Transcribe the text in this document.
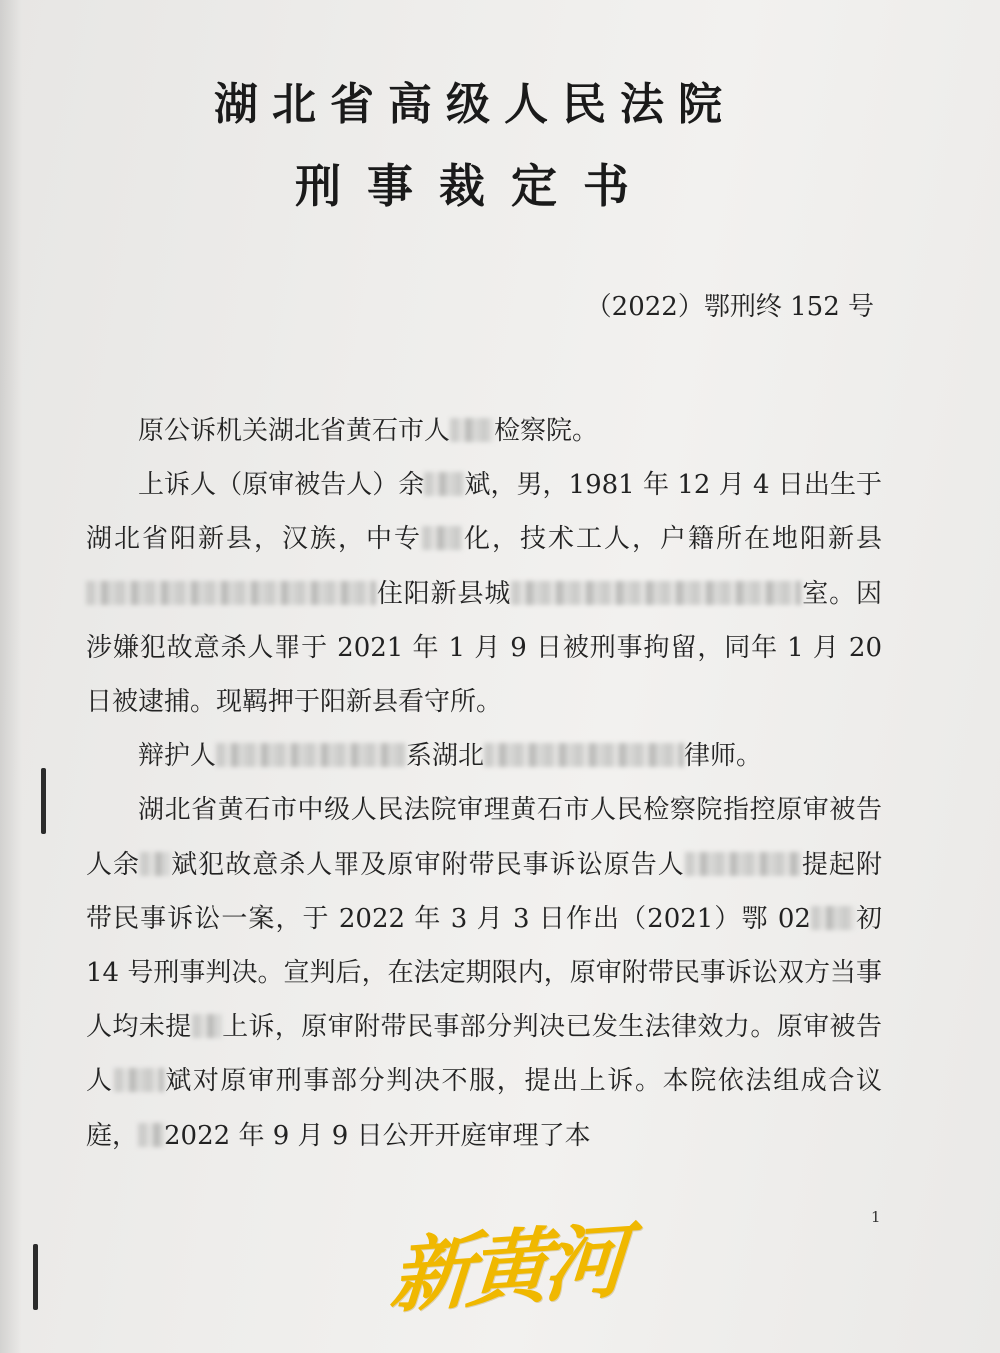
湖北省高级人民法院
刑事裁定书
（2022）鄂刑终 152 号

原公诉机关湖北省黄石市人 检察院。

上诉人（原审被告人）余 斌，男，1981 年 12 月 4 日出生于湖北省阳新县，汉族，中专 化，技术工人，户籍所在地阳新县住阳新县城	室。因涉嫌犯故意杀人罪于 2021 年 1 月 9 日被刑事拘留，同年 1 月 20 日被逮捕。现羁押于阳新县看守所。

辩护人	系湖北	律师。

湖北省黄石市中级人民法院审理黄石市人民检察院指控原审被告人余 斌犯故意杀人罪及原审附带民事诉讼原告人	提起附带民事诉讼一案，于 2022 年 3 月 3 日作出（2021）鄂 02 初 14 号刑事判决。宣判后，在法定期限内，原审附带民事诉讼双方当事人均未提 上诉，原审附带民事部分判决已发生法律效力。原审被告人 斌对原审刑事部分判决不服，提出上诉。本院依法组成合议庭， 2022 年 9 月 9 日公开开庭审理了本

1
新黄河
